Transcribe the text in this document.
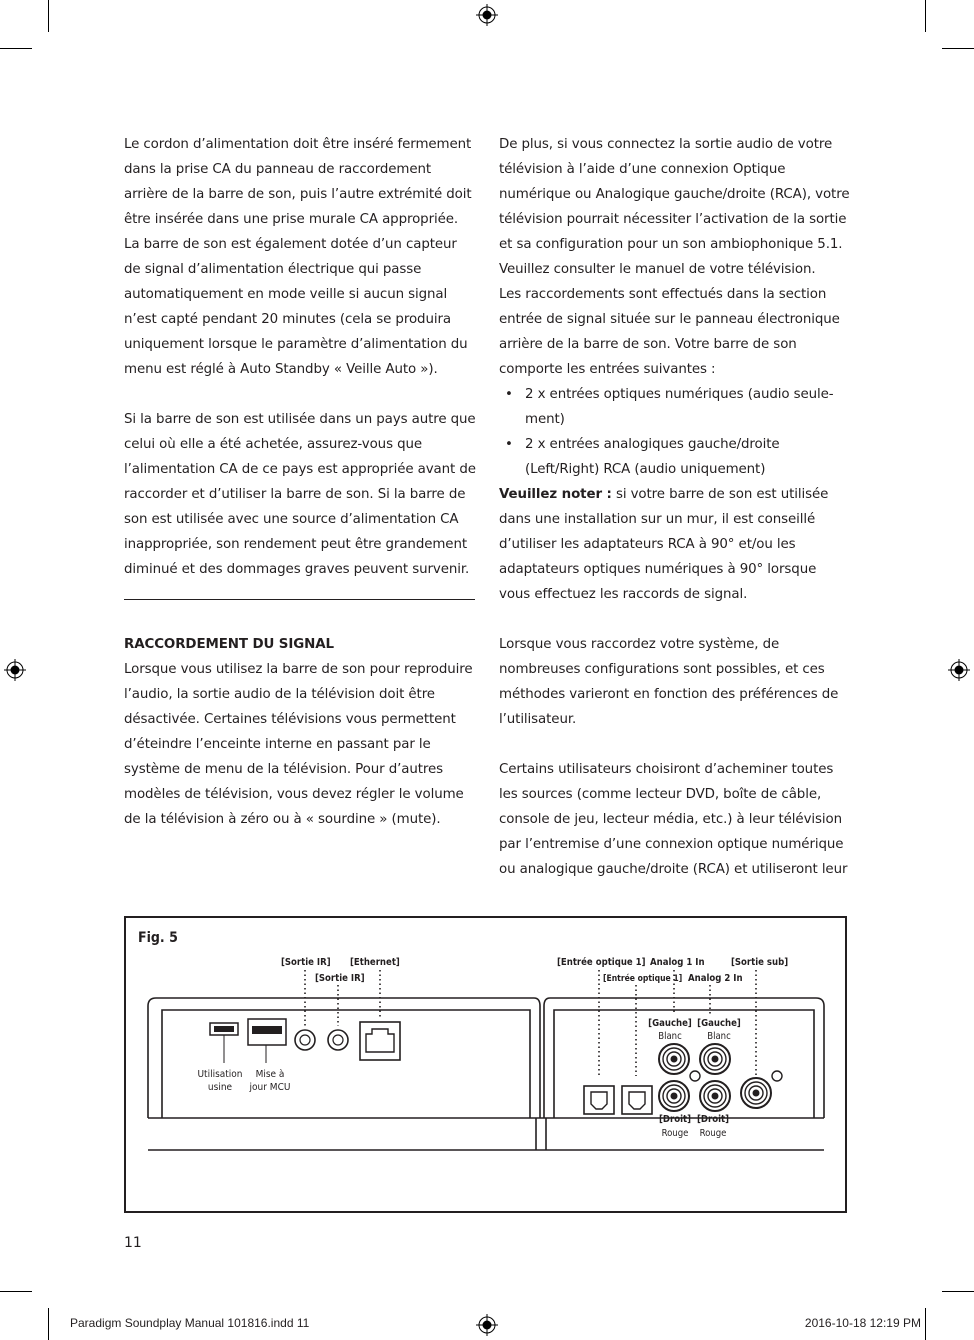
Le cordon d’alimentation doit être inséré fermement dans la prise CA du panneau de raccordement arrière de la barre de son, puis l’autre extrémité doit être insérée dans une prise murale CA appropriée.

La barre de son est également dotée d’un capteur de signal d’alimentation électrique qui passe automatiquement en mode veille si aucun signal n’est capté pendant 20 minutes (cela se produira uniquement lorsque le paramètre d’alimentation du menu est réglé à Auto Standby « Veille Auto »).

Si la barre de son est utilisée dans un pays autre que celui où elle a été achetée, assurez-vous que l’alimentation CA de ce pays est appropriée avant de raccorder et d’utiliser la barre de son. Si la barre de son est utilisée avec une source d’alimentation CA inappropriée, son rendement peut être grandement diminué et des dommages graves peuvent survenir.

RACCORDEMENT DU SIGNAL

Lorsque vous utilisez la barre de son pour reproduire l’audio, la sortie audio de la télévision doit être désactivée. Certaines télévisions vous permettent d’éteindre l’enceinte interne en passant par le système de menu de la télévision. Pour d’autres modèles de télévision, vous devez régler le volume de la télévision à zéro ou à « sourdine » (mute).

De plus, si vous connectez la sortie audio de votre télévision à l’aide d’une connexion Optique numérique ou Analogique gauche/droite (RCA), votre télévision pourrait nécessiter l’activation de la sortie et sa configuration pour un son ambiophonique 5.1. Veuillez consulter le manuel de votre télévision.

Les raccordements sont effectués dans la section entrée de signal située sur le panneau électronique arrière de la barre de son. Votre barre de son comporte les entrées suivantes :

• 2 x entrées optiques numériques (audio seulement)
• 2 x entrées analogiques gauche/droite (Left/Right) RCA (audio uniquement)

Veuillez noter : si votre barre de son est utilisée dans une installation sur un mur, il est conseillé d’utiliser les adaptateurs RCA à 90° et/ou les adaptateurs optiques numériques à 90° lorsque vous effectuez les raccords de signal.

Lorsque vous raccordez votre système, de nombreuses configurations sont possibles, et ces méthodes varieront en fonction des préférences de l’utilisateur.

Certains utilisateurs choisiront d’acheminer toutes les sources (comme lecteur DVD, boîte de câble, console de jeu, lecteur média, etc.) à leur télévision par l’entremise d’une connexion optique numérique ou analogique gauche/droite (RCA) et utiliseront leur

Fig. 5
[Sortie IR] [Ethernet]
[Sortie IR]
[Entrée optique 1] Analog 1 In	[Sortie sub]
[Entrée optique 1] Analog 2 In
Utilisation
usine
Mise à
jour MCU
[Gauche]
Blanc
[Gauche]
Blanc
[Droit]
Rouge
[Droit]
Rouge
11
Paradigm Soundplay Manual 101816.indd 11	2016-10-18 12:19 PM
